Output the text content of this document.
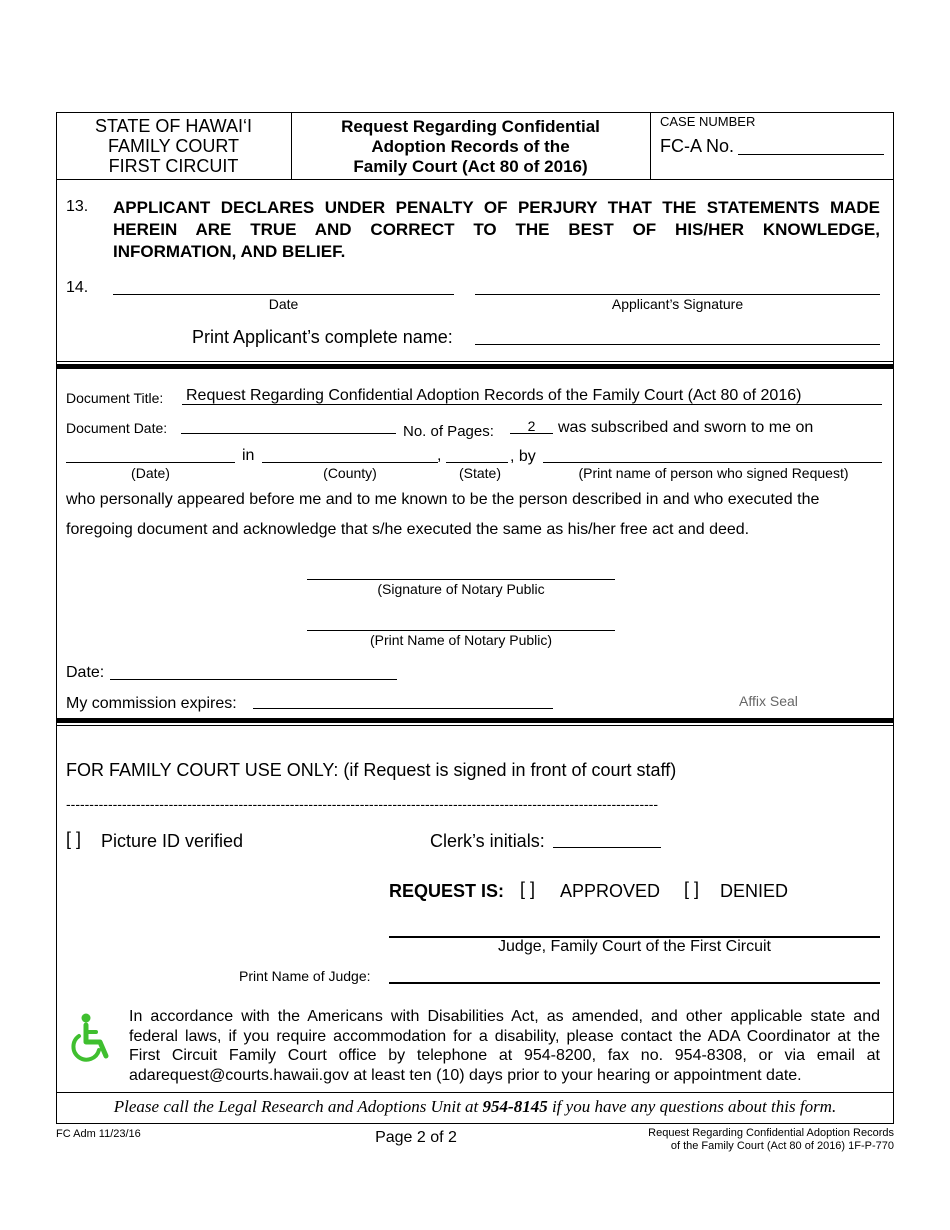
STATE OF HAWAI‘I
FAMILY COURT
FIRST CIRCUIT
Request Regarding Confidential
Adoption Records of the
Family Court (Act 80 of 2016)
CASE NUMBER
FC-A No.
13. APPLICANT DECLARES UNDER PENALTY OF PERJURY THAT THE STATEMENTS MADE
HEREIN ARE TRUE AND CORRECT TO THE BEST OF HIS/HER KNOWLEDGE,
INFORMATION, AND BELIEF.
14.
Date	Applicant’s Signature
Print Applicant’s complete name:
Document Title: Request Regarding Confidential Adoption Records of the Family Court (Act 80 of 2016)
Document Date:	No. of Pages:	2	was subscribed and sworn to me on
in	,	, by
(Date)	(County)	(State)	(Print name of person who signed Request)
who personally appeared before me and to me known to be the person described in and who executed the
foregoing document and acknowledge that s/he executed the same as his/her free act and deed.
(Signature of Notary Public
(Print Name of Notary Public)
Date:
My commission expires:	Affix Seal
FOR FAMILY COURT USE ONLY: (if Request is signed in front of court staff)
-------------------------------------------------------------------------------------------------------------------------------
[ ] Picture ID verified	Clerk’s initials:
REQUEST IS: [ ] APPROVED [ ] DENIED
Judge, Family Court of the First Circuit
Print Name of Judge:
In accordance with the Americans with Disabilities Act, as amended, and other applicable state and
federal laws, if you require accommodation for a disability, please contact the ADA Coordinator at the
First Circuit Family Court office by telephone at 954-8200, fax no. 954-8308, or via email at
adarequest@courts.hawaii.gov at least ten (10) days prior to your hearing or appointment date.
Please call the Legal Research and Adoptions Unit at 954-8145 if you have any questions about this form.
FC Adm 11/23/16	Page 2 of 2	Request Regarding Confidential Adoption Records
of the Family Court (Act 80 of 2016) 1F-P-770
